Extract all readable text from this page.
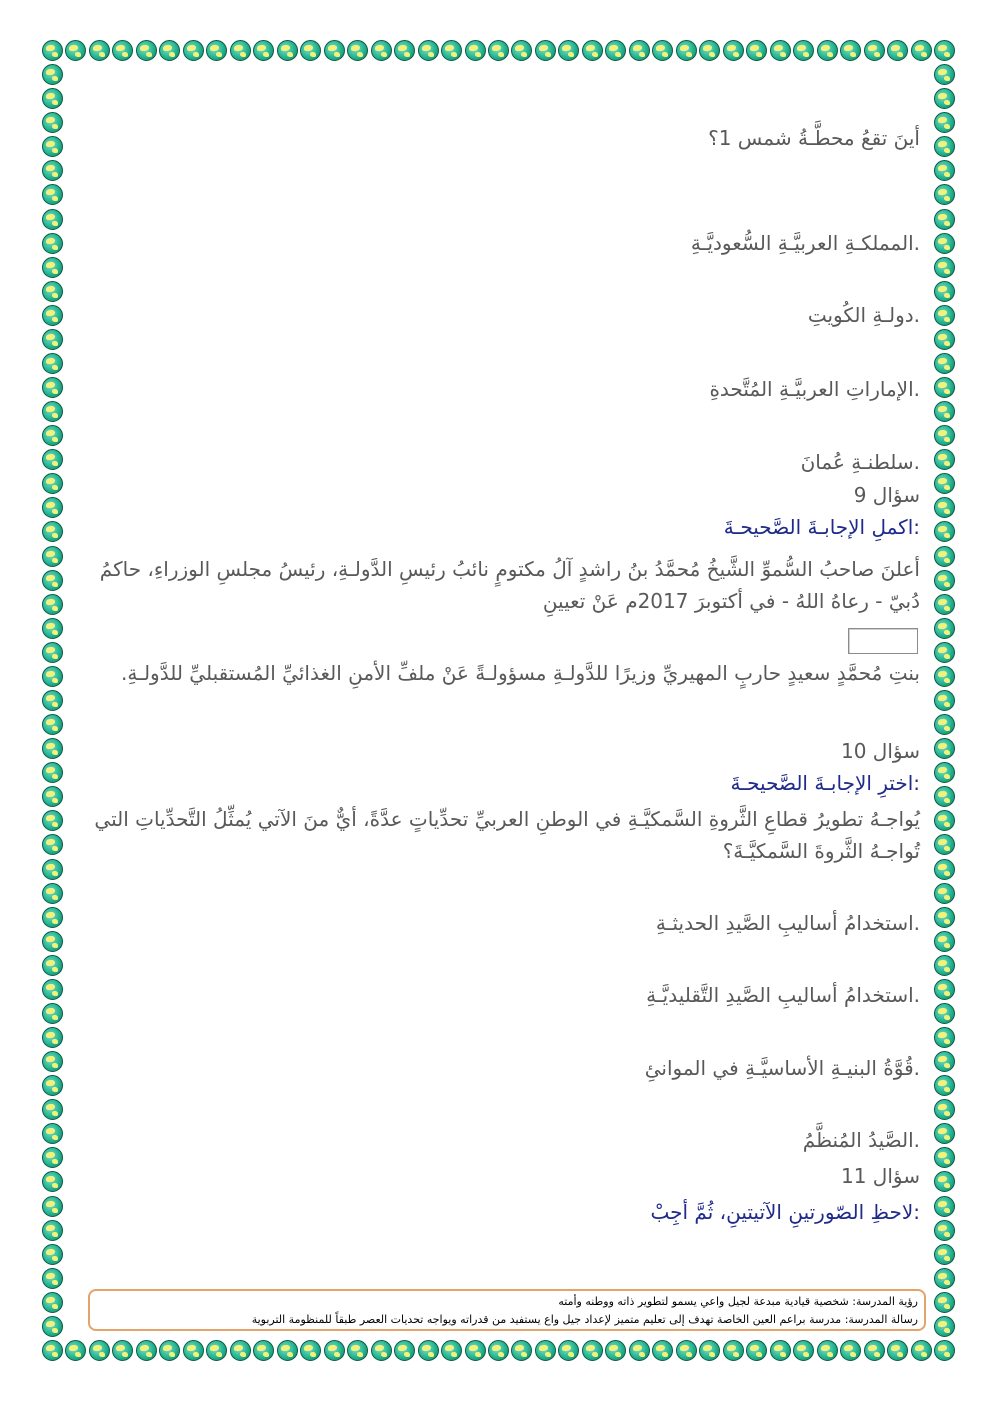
أينَ تقعُ محطَّـةُ شمس 1؟
.المملكـةِ العربيَّـةِ السُّعوديَّـةِ
.دولـةِ الكُويتِ
.الإماراتِ العربيَّـةِ المُتَّحدةِ
.سلطنـةِ عُمانَ
سؤال 9
:اكملِ الإجابـةَ الصَّحيحـةَ
أعلنَ صاحبُ السُّموِّ الشَّيخُ مُحمَّدُ بنُ راشدٍ آلُ مكتومٍ نائبُ رئيسِ الدَّولـةِ، رئيسُ مجلسِ الوزراءِ، حاكمُ دُبيّ - رعاهُ اللهُ - في أكتوبرَ 2017م عَنْ تعيينِ
بنتِ مُحمَّدٍ سعيدٍ حاربٍ المهيريِّ وزيرًا للدَّولـةِ مسؤولـةً عَنْ ملفِّ الأمنِ الغذائيِّ المُستقبليِّ للدَّولـةِ.
سؤال 10
:اخترِ الإجابـةَ الصَّحيحـةَ
يُواجـهُ تطويرُ قطاعِ الثَّروةِ السَّمكيَّـةِ في الوطنِ العربيِّ تحدِّياتٍ عدَّةً، أيٌّ منَ الآتي يُمثِّلُ التَّحدِّياتِ التي تُواجـهُ الثَّروةَ السَّمكيَّـةَ؟
.استخدامُ أساليبِ الصَّيدِ الحديثـةِ
.استخدامُ أساليبِ الصَّيدِ التَّقليديَّـةِ
.قُوَّةُ البنيـةِ الأساسيَّـةِ في الموانئِ
.الصَّيدُ المُنظَّمُ
سؤال 11
:لاحظِ الصّورتينِ الآتيتينِ، ثُمَّ أجِبْ
رؤية المدرسة: شخصية قيادية مبدعة لجيل واعي يسمو لتطوير ذاته ووطنه وأمته
رسالة المدرسة: مدرسة براعم العين الخاصة تهدف إلى تعليم متميز لإعداد جيل واع يستفيد من قدراته ويواجه تحديات العصر طبقاً للمنظومة التربوية
